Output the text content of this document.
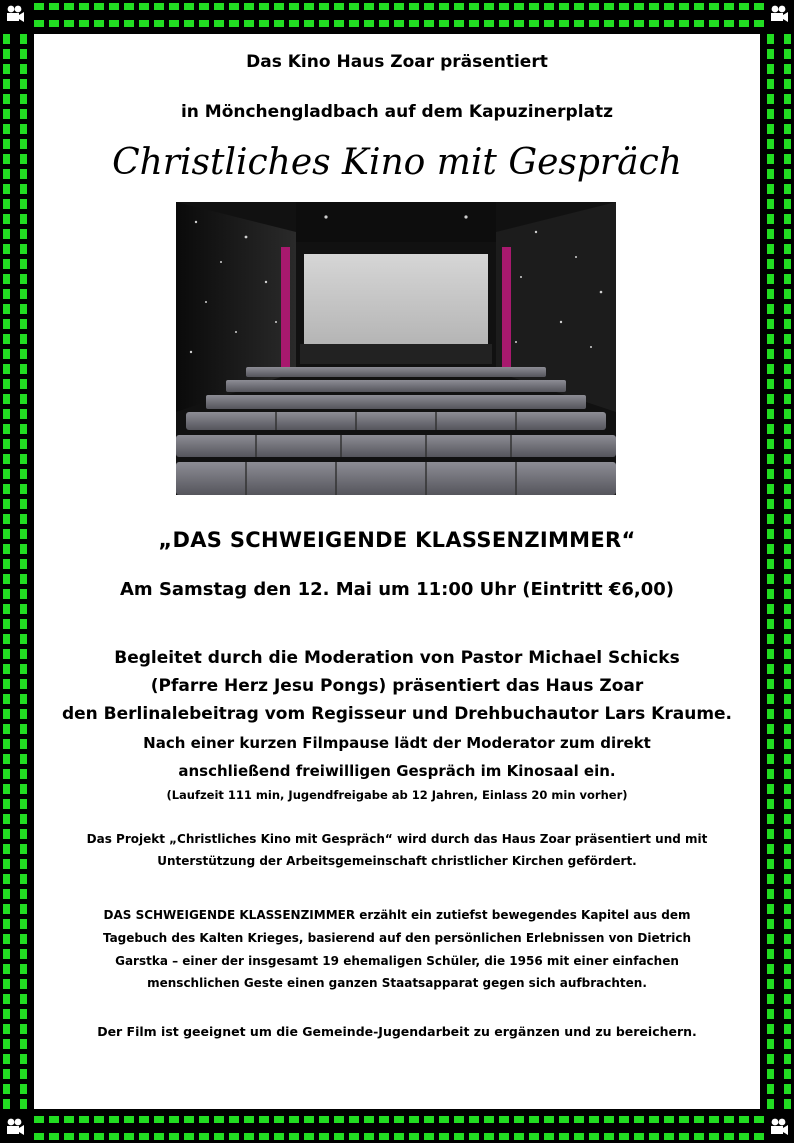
Das Kino Haus Zoar präsentiert
in Mönchengladbach auf dem Kapuzinerplatz
Christliches Kino mit Gespräch
„DAS SCHWEIGENDE KLASSENZIMMER“
Am Samstag den 12. Mai um 11:00 Uhr (Eintritt €6,00)
Begleitet durch die Moderation von Pastor Michael Schicks
(Pfarre Herz Jesu Pongs) präsentiert das Haus Zoar
den Berlinalebeitrag vom Regisseur und Drehbuchautor Lars Kraume.
Nach einer kurzen Filmpause lädt der Moderator zum direkt
anschließend freiwilligen Gespräch im Kinosaal ein.
(Laufzeit 111 min, Jugendfreigabe ab 12 Jahren, Einlass 20 min vorher)
Das Projekt „Christliches Kino mit Gespräch“ wird durch das Haus Zoar präsentiert und mit
Unterstützung der Arbeitsgemeinschaft christlicher Kirchen gefördert.
DAS SCHWEIGENDE KLASSENZIMMER erzählt ein zutiefst bewegendes Kapitel aus dem
Tagebuch des Kalten Krieges, basierend auf den persönlichen Erlebnissen von Dietrich
Garstka – einer der insgesamt 19 ehemaligen Schüler, die 1956 mit einer einfachen
menschlichen Geste einen ganzen Staatsapparat gegen sich aufbrachten.
Der Film ist geeignet um die Gemeinde-Jugendarbeit zu ergänzen und zu bereichern.
